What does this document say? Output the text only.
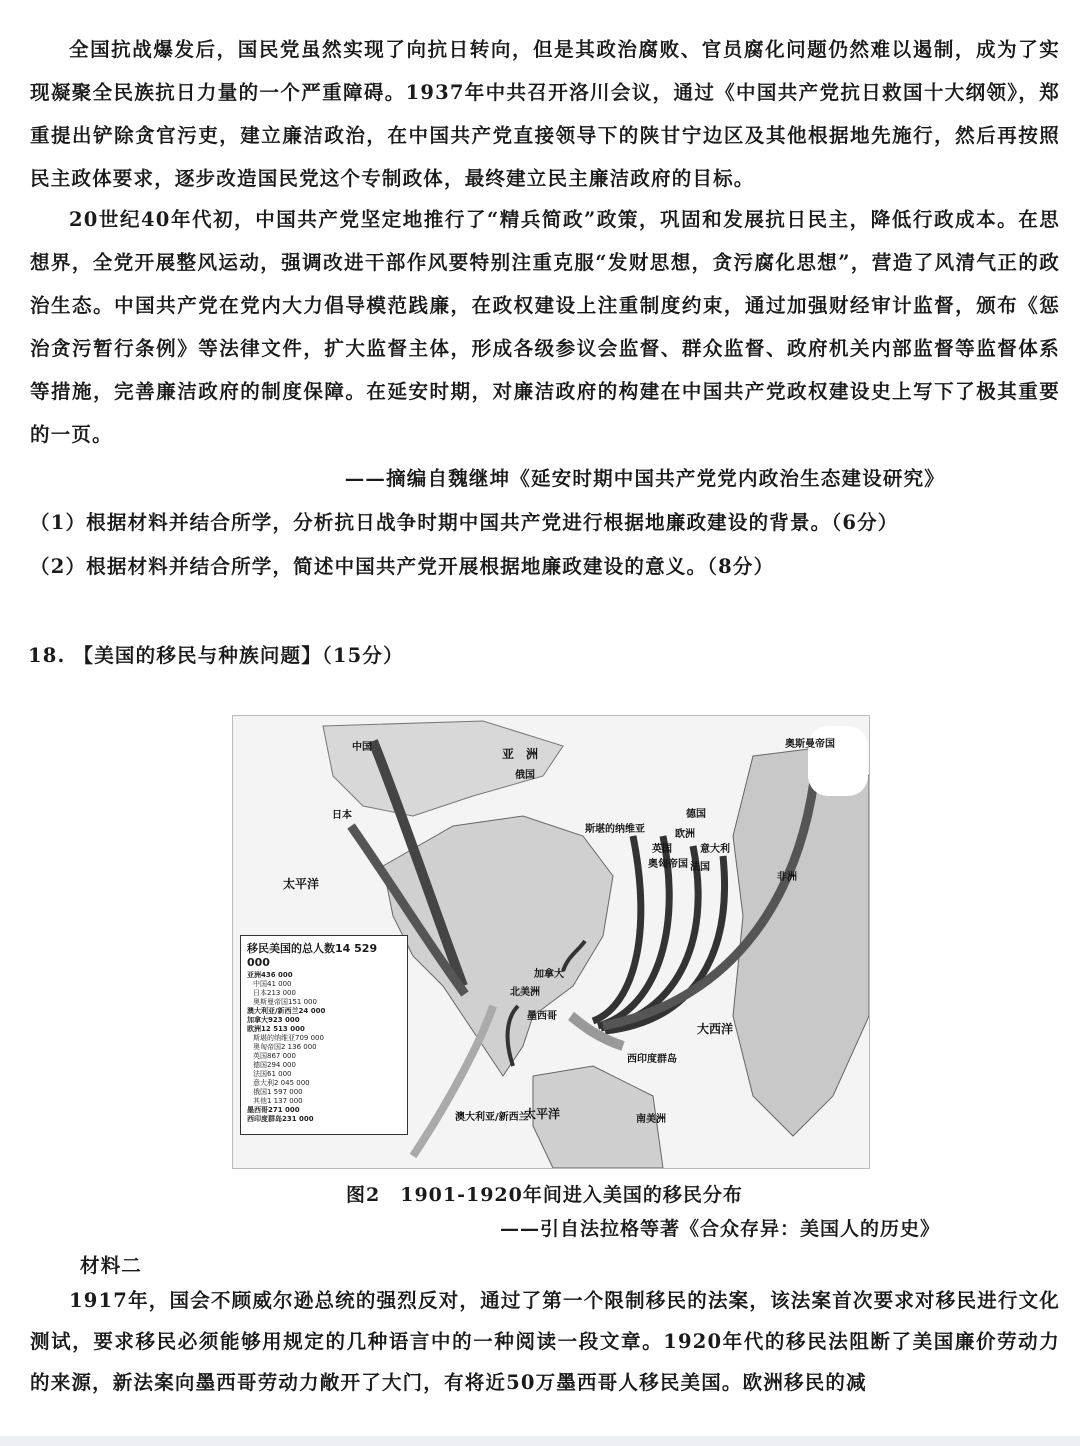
全国抗战爆发后，国民党虽然实现了向抗日转向，但是其政治腐败、官员腐化问题仍然难以遏制，成为了实现凝聚全民族抗日力量的一个严重障碍。1937年中共召开洛川会议，通过《中国共产党抗日救国十大纲领》，郑重提出铲除贪官污吏，建立廉洁政治，在中国共产党直接领导下的陕甘宁边区及其他根据地先施行，然后再按照民主政体要求，逐步改造国民党这个专制政体，最终建立民主廉洁政府的目标。

20世纪40年代初，中国共产党坚定地推行了“精兵简政”政策，巩固和发展抗日民主，降低行政成本。在思想界，全党开展整风运动，强调改进干部作风要特别注重克服“发财思想，贪污腐化思想”，营造了风清气正的政治生态。中国共产党在党内大力倡导模范践廉，在政权建设上注重制度约束，通过加强财经审计监督，颁布《惩治贪污暂行条例》等法律文件，扩大监督主体，形成各级参议会监督、群众监督、政府机关内部监督等监督体系等措施，完善廉洁政府的制度保障。在延安时期，对廉洁政府的构建在中国共产党政权建设史上写下了极其重要的一页。

——摘编自魏继坤《延安时期中国共产党党内政治生态建设研究》
（1）根据材料并结合所学，分析抗日战争时期中国共产党进行根据地廉政建设的背景。（6分）
（2）根据材料并结合所学，简述中国共产党开展根据地廉政建设的意义。（8分）
18. 【美国的移民与种族问题】（15分）
亚　洲
俄国
中国
日本
奥斯曼帝国
太平洋	非洲
欧洲
斯堪的纳维亚
德国
意大利
英国
奥匈帝国 法国
北美洲
墨西哥
加拿大
大西洋
西印度群岛
太平洋	南美洲
澳大利亚/新西兰
移民美国的总人数14 529 000
亚洲436 000
中国41 000
日本213 000
奥斯曼帝国151 000
澳大利亚/新西兰24 000
加拿大923 000
欧洲12 513 000
斯堪的纳维亚709 000
奥匈帝国2 136 000
英国867 000
德国294 000
法国61 000
意大利2 045 000
俄国1 597 000
其他1 137 000
墨西哥271 000
西印度群岛231 000
图2　1901-1920年间进入美国的移民分布
——引自法拉格等著《合众存异：美国人的历史》
材料二

1917年，国会不顾威尔逊总统的强烈反对，通过了第一个限制移民的法案，该法案首次要求对移民进行文化测试，要求移民必须能够用规定的几种语言中的一种阅读一段文章。1920年代的移民法阻断了美国廉价劳动力的来源，新法案向墨西哥劳动力敞开了大门，有将近50万墨西哥人移民美国。欧洲移民的减
